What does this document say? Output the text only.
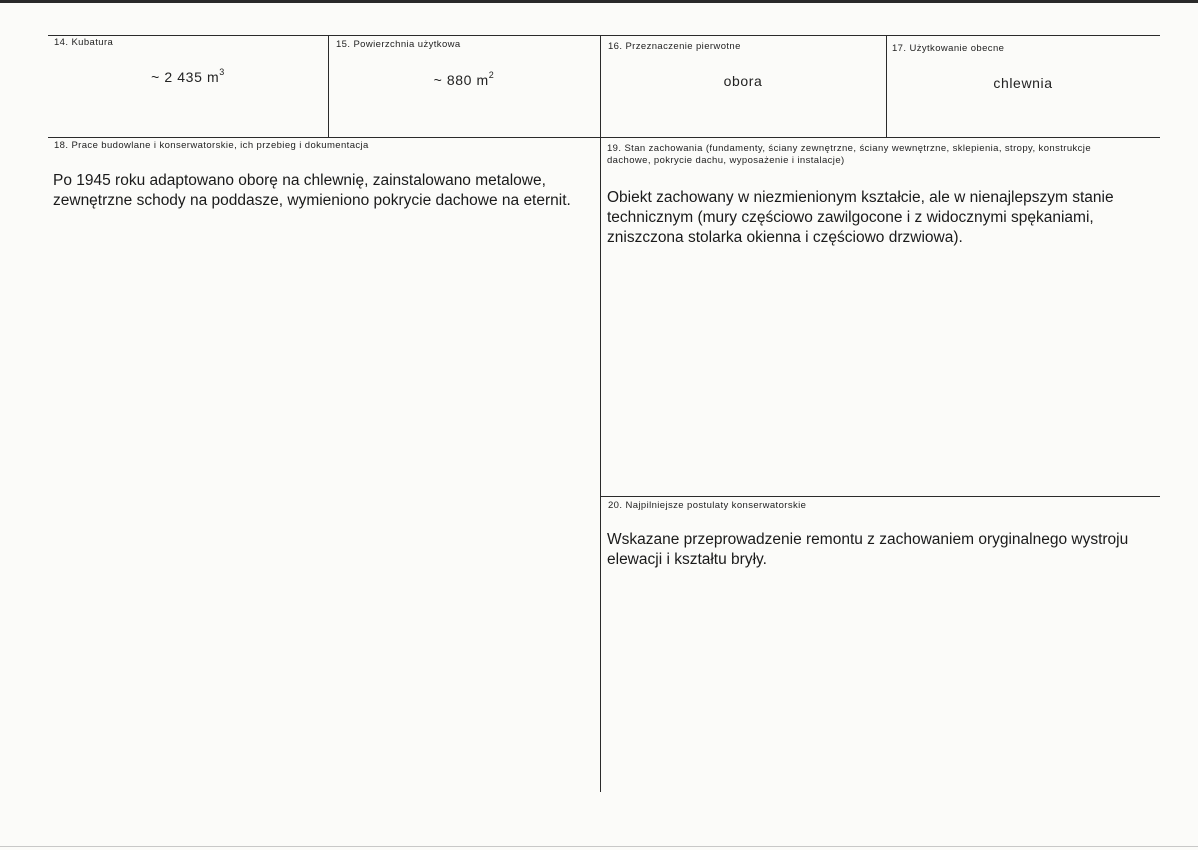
14. Kubatura
~ 2 435 $m^3$
15. Powierzchnia użytkowa
~ 880 $m^2$
16. Przeznaczenie pierwotne
obora
17. Użytkowanie obecne
chlewnia
18. Prace budowlane i konserwatorskie, ich przebieg i dokumentacja
Po 1945 roku adaptowano oborę na chlewnię, zainstalowano metalowe, zewnętrzne schody na poddasze, wymieniono pokrycie dachowe na eternit.
19. Stan zachowania (fundamenty, ściany zewnętrzne, ściany wewnętrzne, sklepienia, stropy, konstrukcje dachowe, pokrycie dachu, wyposażenie i instalacje)
Obiekt zachowany w niezmienionym kształcie, ale w nienajlepszym stanie technicznym (mury częściowo zawilgocone i z widocznymi spękaniami, zniszczona stolarka okienna i częściowo drzwiowa).
20. Najpilniejsze postulaty konserwatorskie
Wskazane przeprowadzenie remontu z zachowaniem oryginalnego wystroju elewacji i kształtu bryły.
